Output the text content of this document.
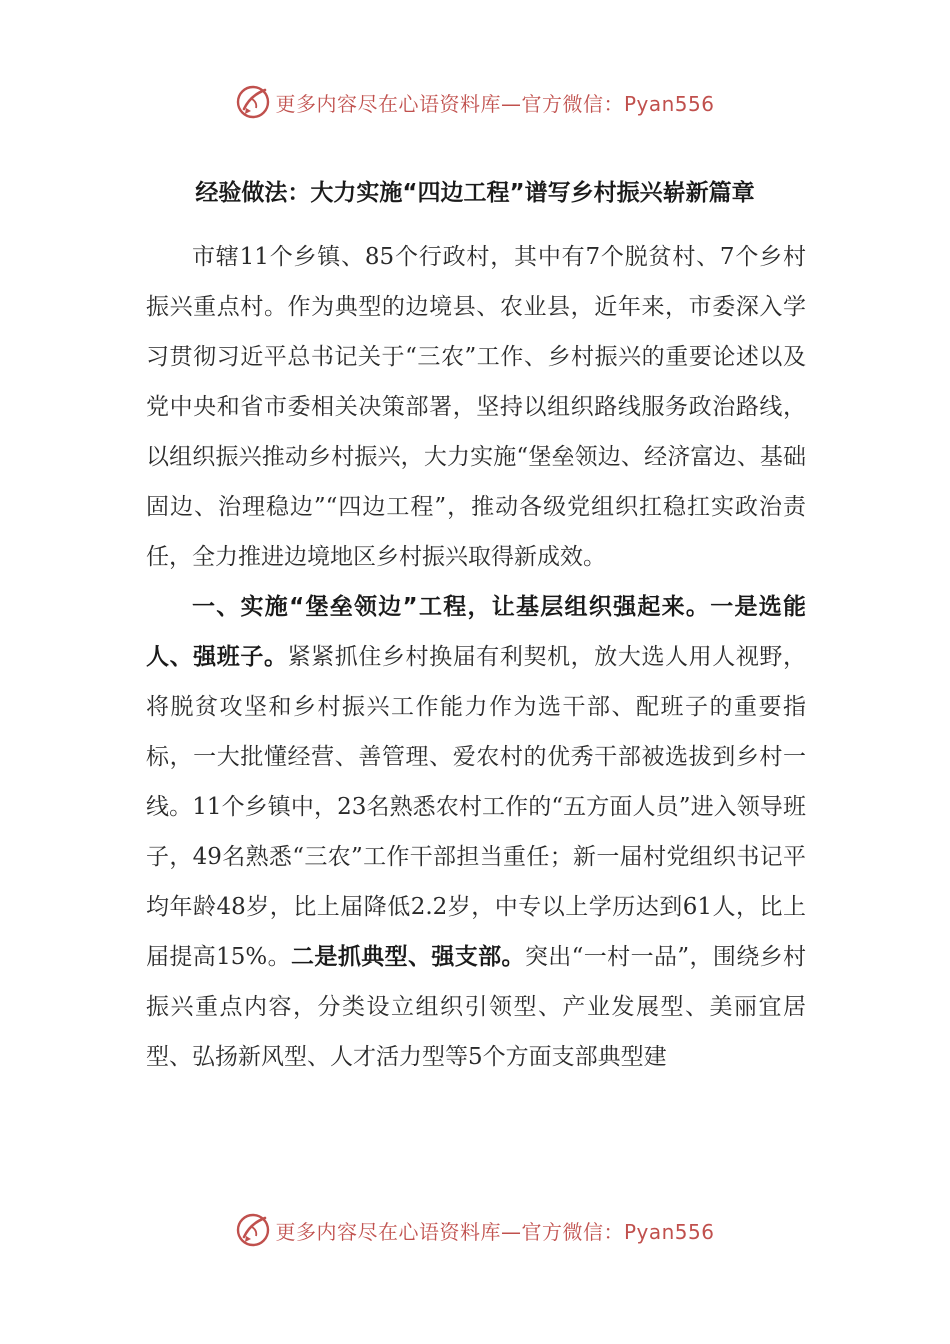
更多内容尽在心语资料库—官方微信：Pyan556
经验做法：大力实施“四边工程”谱写乡村振兴崭新篇章

市辖11个乡镇、85个行政村，其中有7个脱贫村、7个乡村振兴重点村。作为典型的边境县、农业县，近年来，市委深入学习贯彻习近平总书记关于“三农”工作、乡村振兴的重要论述以及党中央和省市委相关决策部署，坚持以组织路线服务政治路线，以组织振兴推动乡村振兴，大力实施“堡垒领边、经济富边、基础固边、治理稳边”“四边工程”，推动各级党组织扛稳扛实政治责任，全力推进边境地区乡村振兴取得新成效。

一、实施“堡垒领边”工程，让基层组织强起来。一是选能人、强班子。紧紧抓住乡村换届有利契机，放大选人用人视野，将脱贫攻坚和乡村振兴工作能力作为选干部、配班子的重要指标，一大批懂经营、善管理、爱农村的优秀干部被选拔到乡村一线。11个乡镇中，23名熟悉农村工作的“五方面人员”进入领导班子，49名熟悉“三农”工作干部担当重任；新一届村党组织书记平均年龄48岁，比上届降低2.2岁，中专以上学历达到61人，比上届提高15%。二是抓典型、强支部。突出“一村一品”，围绕乡村振兴重点内容，分类设立组织引领型、产业发展型、美丽宜居型、弘扬新风型、人才活力型等5个方面支部典型建

更多内容尽在心语资料库—官方微信：Pyan556
